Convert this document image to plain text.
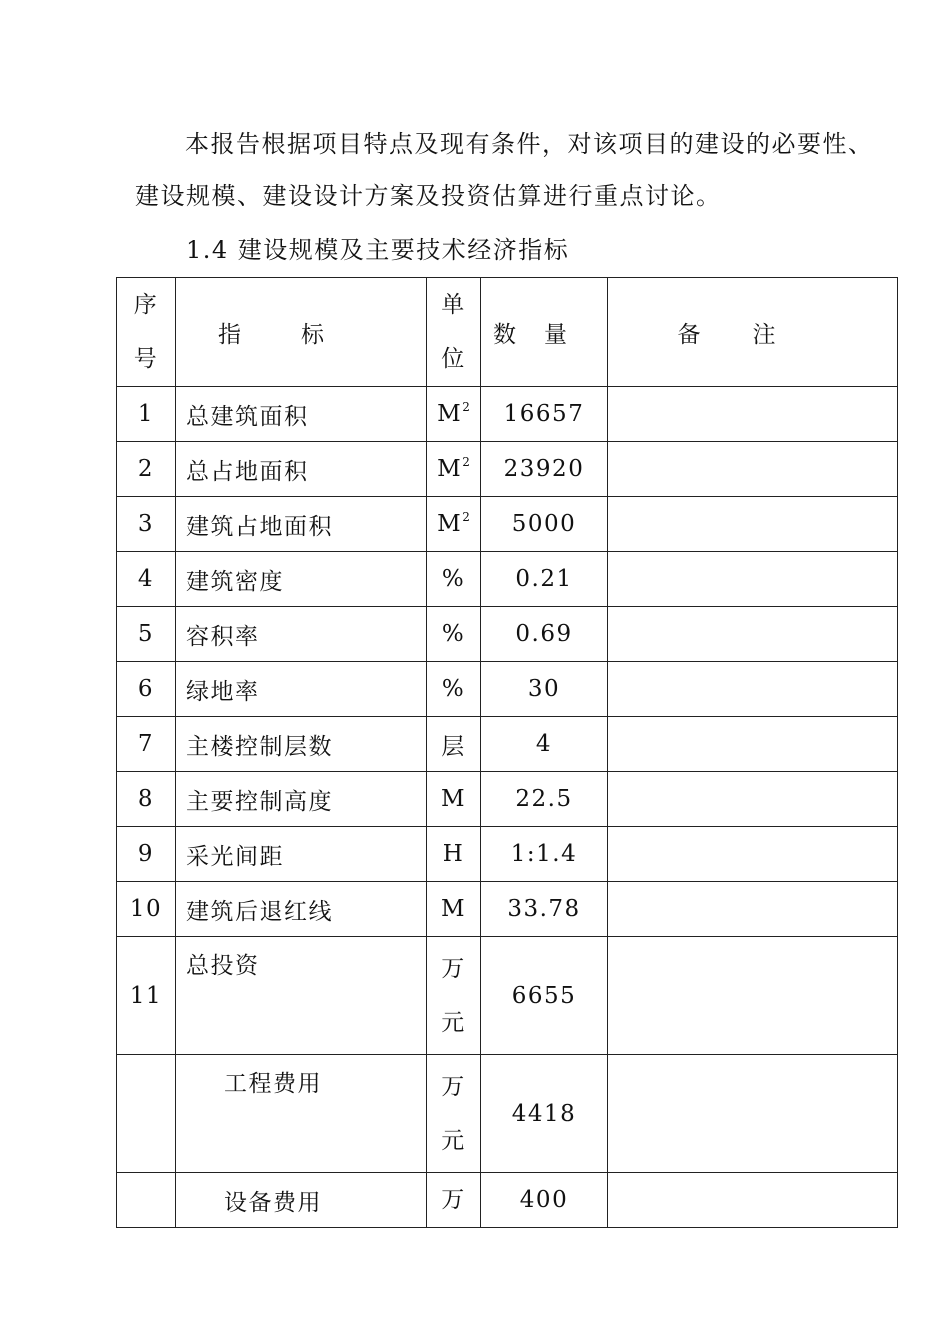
本报告根据项目特点及现有条件，对该项目的建设的必要性、建设规模、建设设计方案及投资估算进行重点讨论。

1.4 建设规模及主要技术经济指标

序号	指标	单位	数量	备注
1	总建筑面积	$M^2$	16657	
2	总占地面积	$M^2$	23920	
3	建筑占地面积	$M^2$	5000	
4	建筑密度	%	0.21	
5	容积率	%	0.69	
6	绿地率	%	30	
7	主楼控制层数	层	4	
8	主要控制高度	M	22.5	
9	采光间距	H	1:1.4	
10	建筑后退红线	M	33.78	
11	总投资	万元	6655	
	工程费用	万元	4418	
	设备费用	万	400	
